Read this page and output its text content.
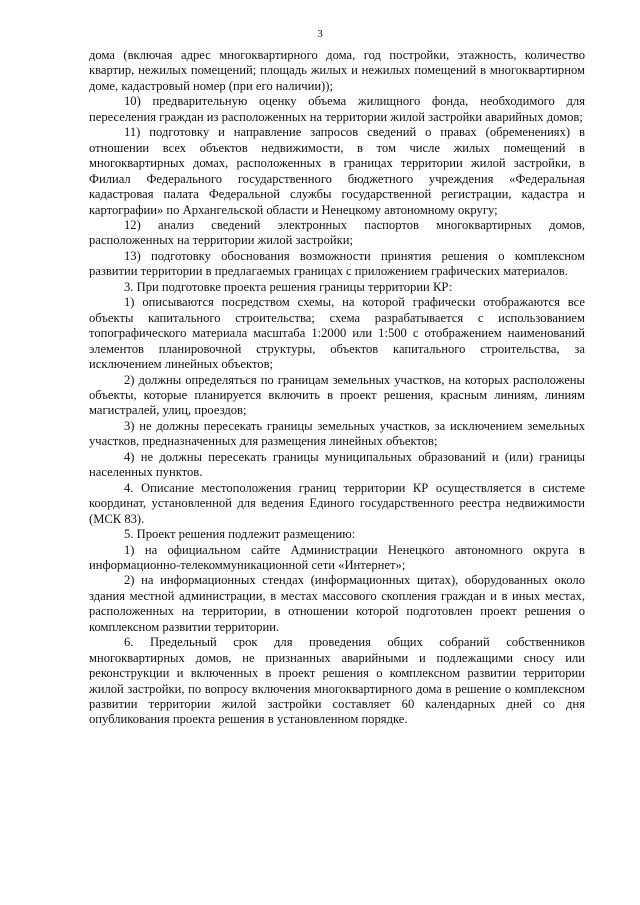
3

дома (включая адрес многоквартирного дома, год постройки, этажность, количество квартир, нежилых помещений; площадь жилых и нежилых помещений в многоквартирном доме, кадастровый номер (при его наличии));

10) предварительную оценку объема жилищного фонда, необходимого для переселения граждан из расположенных на территории жилой застройки аварийных домов;

11) подготовку и направление запросов сведений о правах (обременениях) в отношении всех объектов недвижимости, в том числе жилых помещений в многоквартирных домах, расположенных в границах территории жилой застройки, в Филиал Федерального государственного бюджетного учреждения «Федеральная кадастровая палата Федеральной службы государственной регистрации, кадастра и картографии» по Архангельской области и Ненецкому автономному округу;

12) анализ сведений электронных паспортов многоквартирных домов, расположенных на территории жилой застройки;

13) подготовку обоснования возможности принятия решения о комплексном развитии территории в предлагаемых границах с приложением графических материалов.

3. При подготовке проекта решения границы территории КР:

1) описываются посредством схемы, на которой графически отображаются все объекты капитального строительства; схема разрабатывается с использованием топографического материала масштаба 1:2000 или 1:500 с отображением наименований элементов планировочной структуры, объектов капитального строительства, за исключением линейных объектов;

2) должны определяться по границам земельных участков, на которых расположены объекты, которые планируется включить в проект решения, красным линиям, линиям магистралей, улиц, проездов;

3) не должны пересекать границы земельных участков, за исключением земельных участков, предназначенных для размещения линейных объектов;

4) не должны пересекать границы муниципальных образований и (или) границы населенных пунктов.

4. Описание местоположения границ территории КР осуществляется в системе координат, установленной для ведения Единого государственного реестра недвижимости (МСК 83).

5. Проект решения подлежит размещению:

1) на официальном сайте Администрации Ненецкого автономного округа в информационно-телекоммуникационной сети «Интернет»;

2) на информационных стендах (информационных щитах), оборудованных около здания местной администрации, в местах массового скопления граждан и в иных местах, расположенных на территории, в отношении которой подготовлен проект решения о комплексном развитии территории.

6. Предельный срок для проведения общих собраний собственников многоквартирных домов, не признанных аварийными и подлежащими сносу или реконструкции и включенных в проект решения о комплексном развитии территории жилой застройки, по вопросу включения многоквартирного дома в решение о комплексном развитии территории жилой застройки составляет 60 календарных дней со дня опубликования проекта решения в установленном порядке.
